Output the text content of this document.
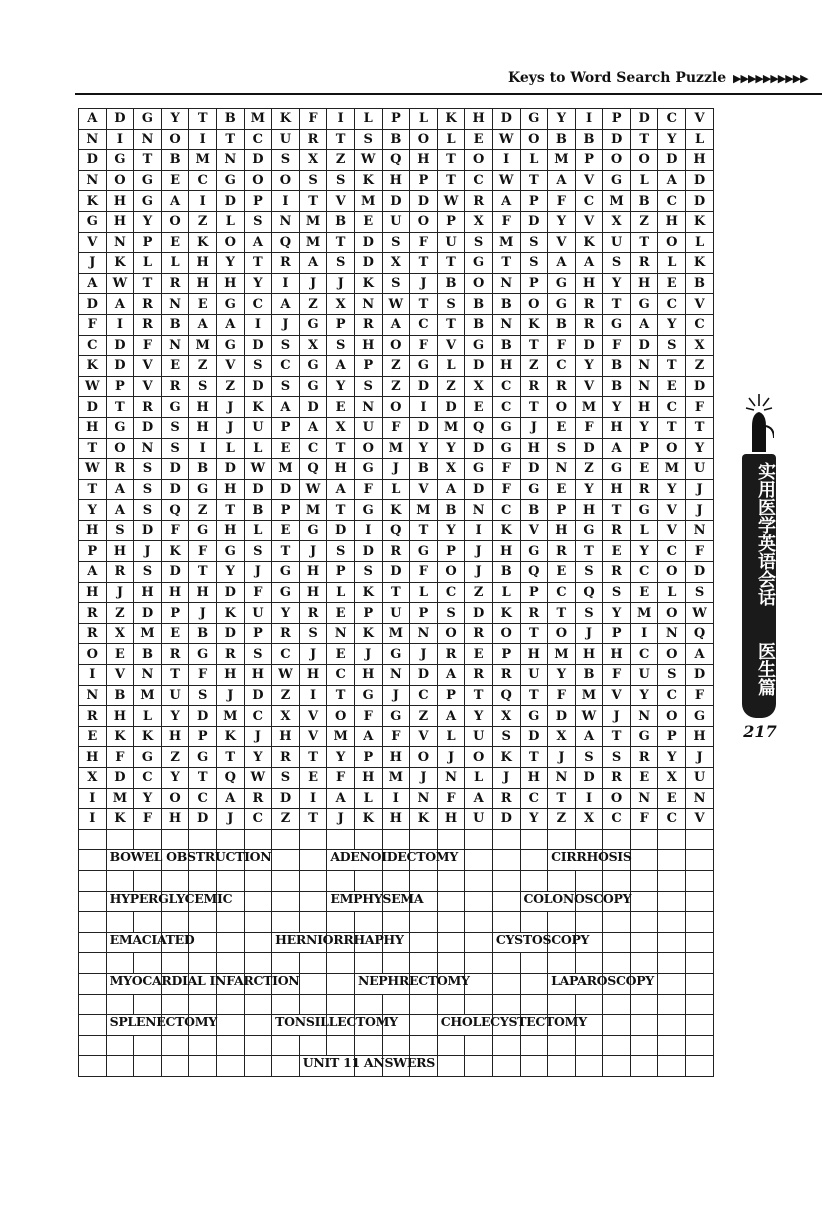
Keys to Word Search Puzzle ▶▶▶▶▶▶▶▶▶▶
A	D	G	Y	T	B	M	K	F	I	L	P	L	K	H	D	G	Y	I	P	D	C	V
N	I	N	O	I	T	C	U	R	T	S	B	O	L	E	W	O	B	B	D	T	Y	L
D	G	T	B	M	N	D	S	X	Z	W	Q	H	T	O	I	L	M	P	O	O	D	H
N	O	G	E	C	G	O	O	S	S	K	H	P	T	C	W	T	A	V	G	L	A	D
K	H	G	A	I	D	P	I	T	V	M	D	D	W	R	A	P	F	C	M	B	C	D
G	H	Y	O	Z	L	S	N	M	B	E	U	O	P	X	F	D	Y	V	X	Z	H	K
V	N	P	E	K	O	A	Q	M	T	D	S	F	U	S	M	S	V	K	U	T	O	L
J	K	L	L	H	Y	T	R	A	S	D	X	T	T	G	T	S	A	A	S	R	L	K
A	W	T	R	H	H	Y	I	J	J	K	S	J	B	O	N	P	G	H	Y	H	E	B
D	A	R	N	E	G	C	A	Z	X	N	W	T	S	B	B	O	G	R	T	G	C	V
F	I	R	B	A	A	I	J	G	P	R	A	C	T	B	N	K	B	R	G	A	Y	C
C	D	F	N	M	G	D	S	X	S	H	O	F	V	G	B	T	F	D	F	D	S	X
K	D	V	E	Z	V	S	C	G	A	P	Z	G	L	D	H	Z	C	Y	B	N	T	Z
W	P	V	R	S	Z	D	S	G	Y	S	Z	D	Z	X	C	R	R	V	B	N	E	D
D	T	R	G	H	J	K	A	D	E	N	O	I	D	E	C	T	O	M	Y	H	C	F
H	G	D	S	H	J	U	P	A	X	U	F	D	M	Q	G	J	E	F	H	Y	T	T
T	O	N	S	I	L	L	E	C	T	O	M	Y	Y	D	G	H	S	D	A	P	O	Y
W	R	S	D	B	D	W	M	Q	H	G	J	B	X	G	F	D	N	Z	G	E	M	U
T	A	S	D	G	H	D	D	W	A	F	L	V	A	D	F	G	E	Y	H	R	Y	J
Y	A	S	Q	Z	T	B	P	M	T	G	K	M	B	N	C	B	P	H	T	G	V	J
H	S	D	F	G	H	L	E	G	D	I	Q	T	Y	I	K	V	H	G	R	L	V	N
P	H	J	K	F	G	S	T	J	S	D	R	G	P	J	H	G	R	T	E	Y	C	F
A	R	S	D	T	Y	J	G	H	P	S	D	F	O	J	B	Q	E	S	R	C	O	D
H	J	H	H	H	D	F	G	H	L	K	T	L	C	Z	L	P	C	Q	S	E	L	S
R	Z	D	P	J	K	U	Y	R	E	P	U	P	S	D	K	R	T	S	Y	M	O	W
R	X	M	E	B	D	P	R	S	N	K	M	N	O	R	O	T	O	J	P	I	N	Q
O	E	B	R	G	R	S	C	J	E	J	G	J	R	E	P	H	M	H	H	C	O	A
I	V	N	T	F	H	H	W	H	C	H	N	D	A	R	R	U	Y	B	F	U	S	D
N	B	M	U	S	J	D	Z	I	T	G	J	C	P	T	Q	T	F	M	V	Y	C	F
R	H	L	Y	D	M	C	X	V	O	F	G	Z	A	Y	X	G	D	W	J	N	O	G
E	K	K	H	P	K	J	H	V	M	A	F	V	L	U	S	D	X	A	T	G	P	H
H	F	G	Z	G	T	Y	R	T	Y	P	H	O	J	O	K	T	J	S	S	R	Y	J
X	D	C	Y	T	Q	W	S	E	F	H	M	J	N	L	J	H	N	D	R	E	X	U
I	M	Y	O	C	A	R	D	I	A	L	I	N	F	A	R	C	T	I	O	N	E	N
I	K	F	H	D	J	C	Z	T	J	K	H	K	H	U	D	Y	Z	X	C	F	C	V

	BOWEL OBSTRUCTION								ADENOIDECTOMY								CIRRHOSIS					

	HYPERGLYCEMIC								EMPHYSEMA							COLONOSCOPY						

	EMACIATED						HERNIORRHAPHY								CYSTOSCOPY							

	MYOCARDIAL INFARCTION									NEPHRECTOMY							LAPAROSCOPY					

	SPLENECTOMY						TONSILLECTOMY						CHOLECYSTECTOMY									

								UNIT 11 ANSWERS														

实用医学英语会话
医生篇
217
